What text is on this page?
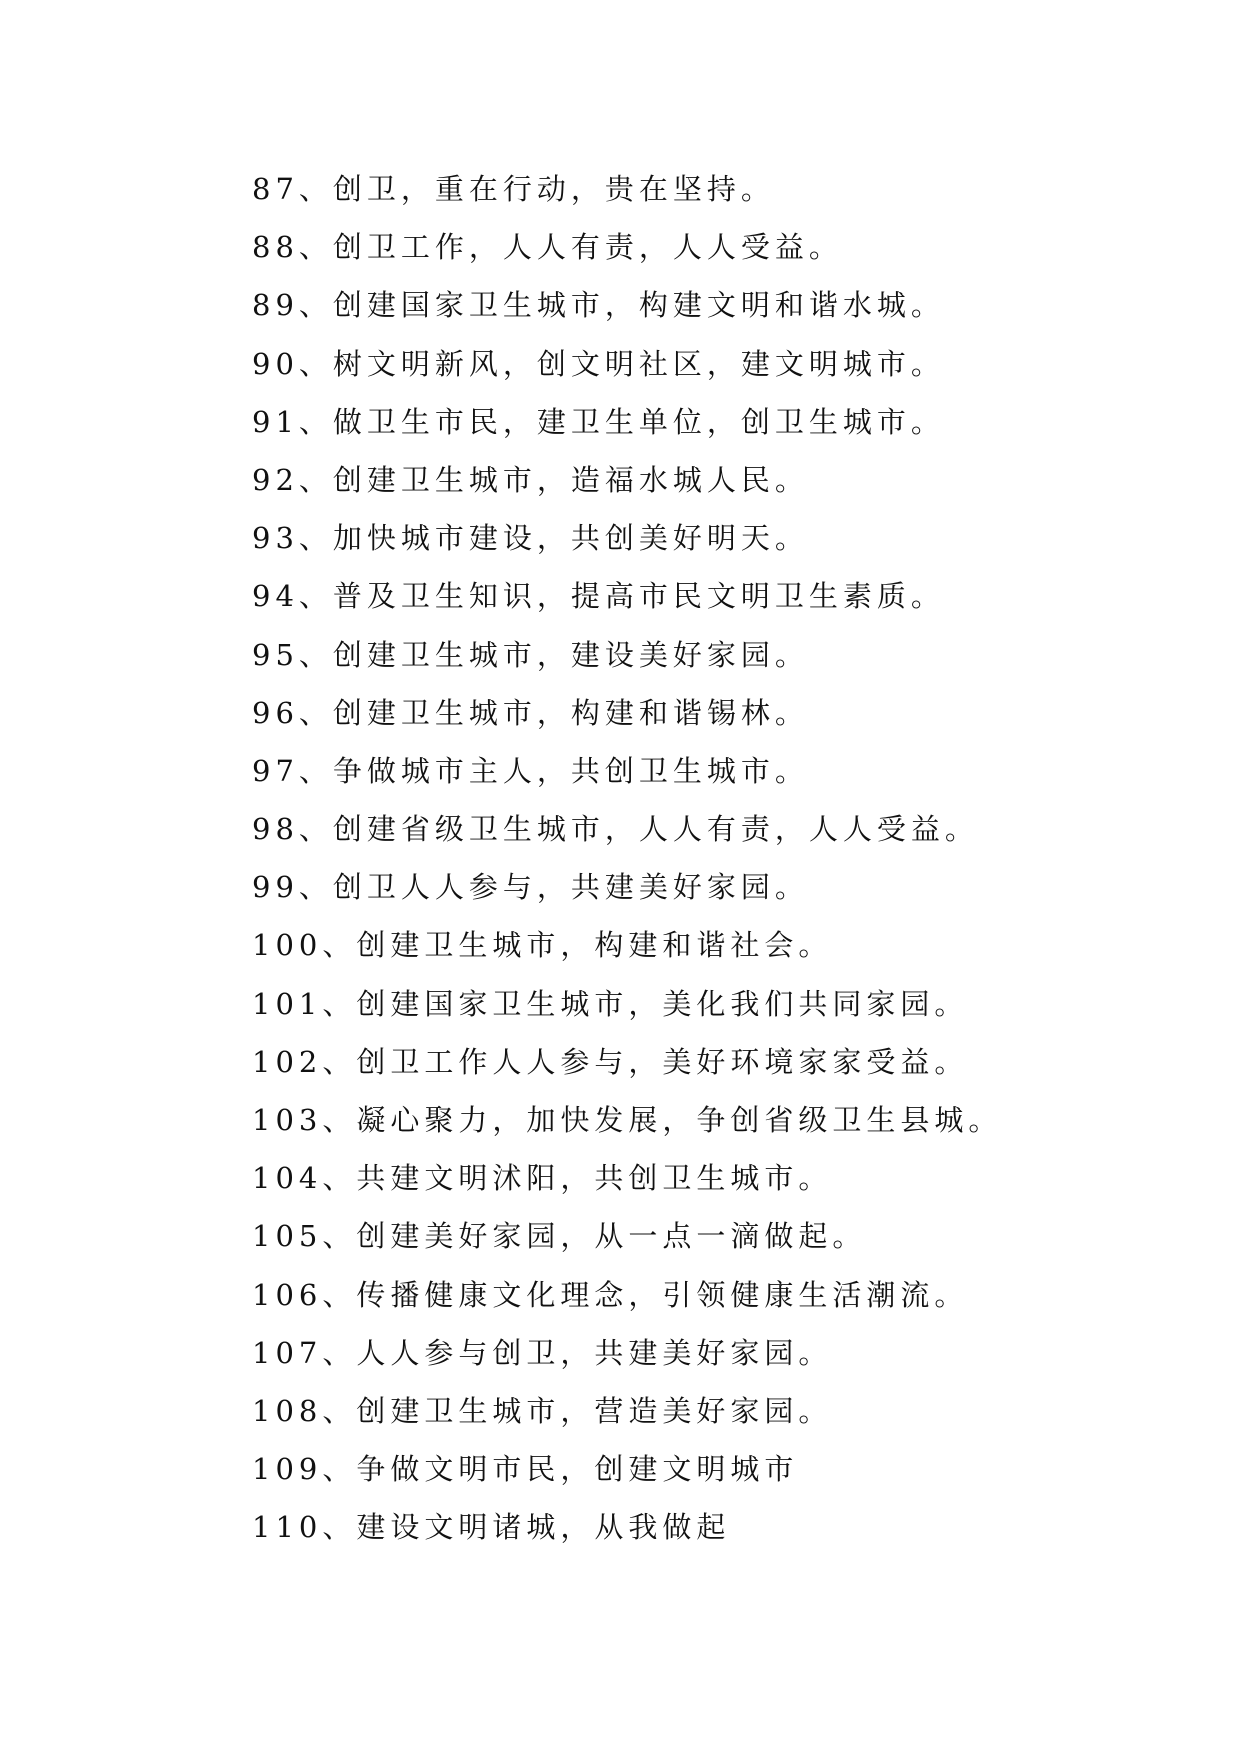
87、创卫，重在行动，贵在坚持。
88、创卫工作，人人有责，人人受益。
89、创建国家卫生城市，构建文明和谐水城。
90、树文明新风，创文明社区，建文明城市。
91、做卫生市民，建卫生单位，创卫生城市。
92、创建卫生城市，造福水城人民。
93、加快城市建设，共创美好明天。
94、普及卫生知识，提高市民文明卫生素质。
95、创建卫生城市，建设美好家园。
96、创建卫生城市，构建和谐锡林。
97、争做城市主人，共创卫生城市。
98、创建省级卫生城市，人人有责，人人受益。
99、创卫人人参与，共建美好家园。
100、创建卫生城市，构建和谐社会。
101、创建国家卫生城市，美化我们共同家园。
102、创卫工作人人参与，美好环境家家受益。
103、凝心聚力，加快发展，争创省级卫生县城。
104、共建文明沭阳，共创卫生城市。
105、创建美好家园，从一点一滴做起。
106、传播健康文化理念，引领健康生活潮流。
107、人人参与创卫，共建美好家园。
108、创建卫生城市，营造美好家园。
109、争做文明市民，创建文明城市
110、建设文明诸城，从我做起
